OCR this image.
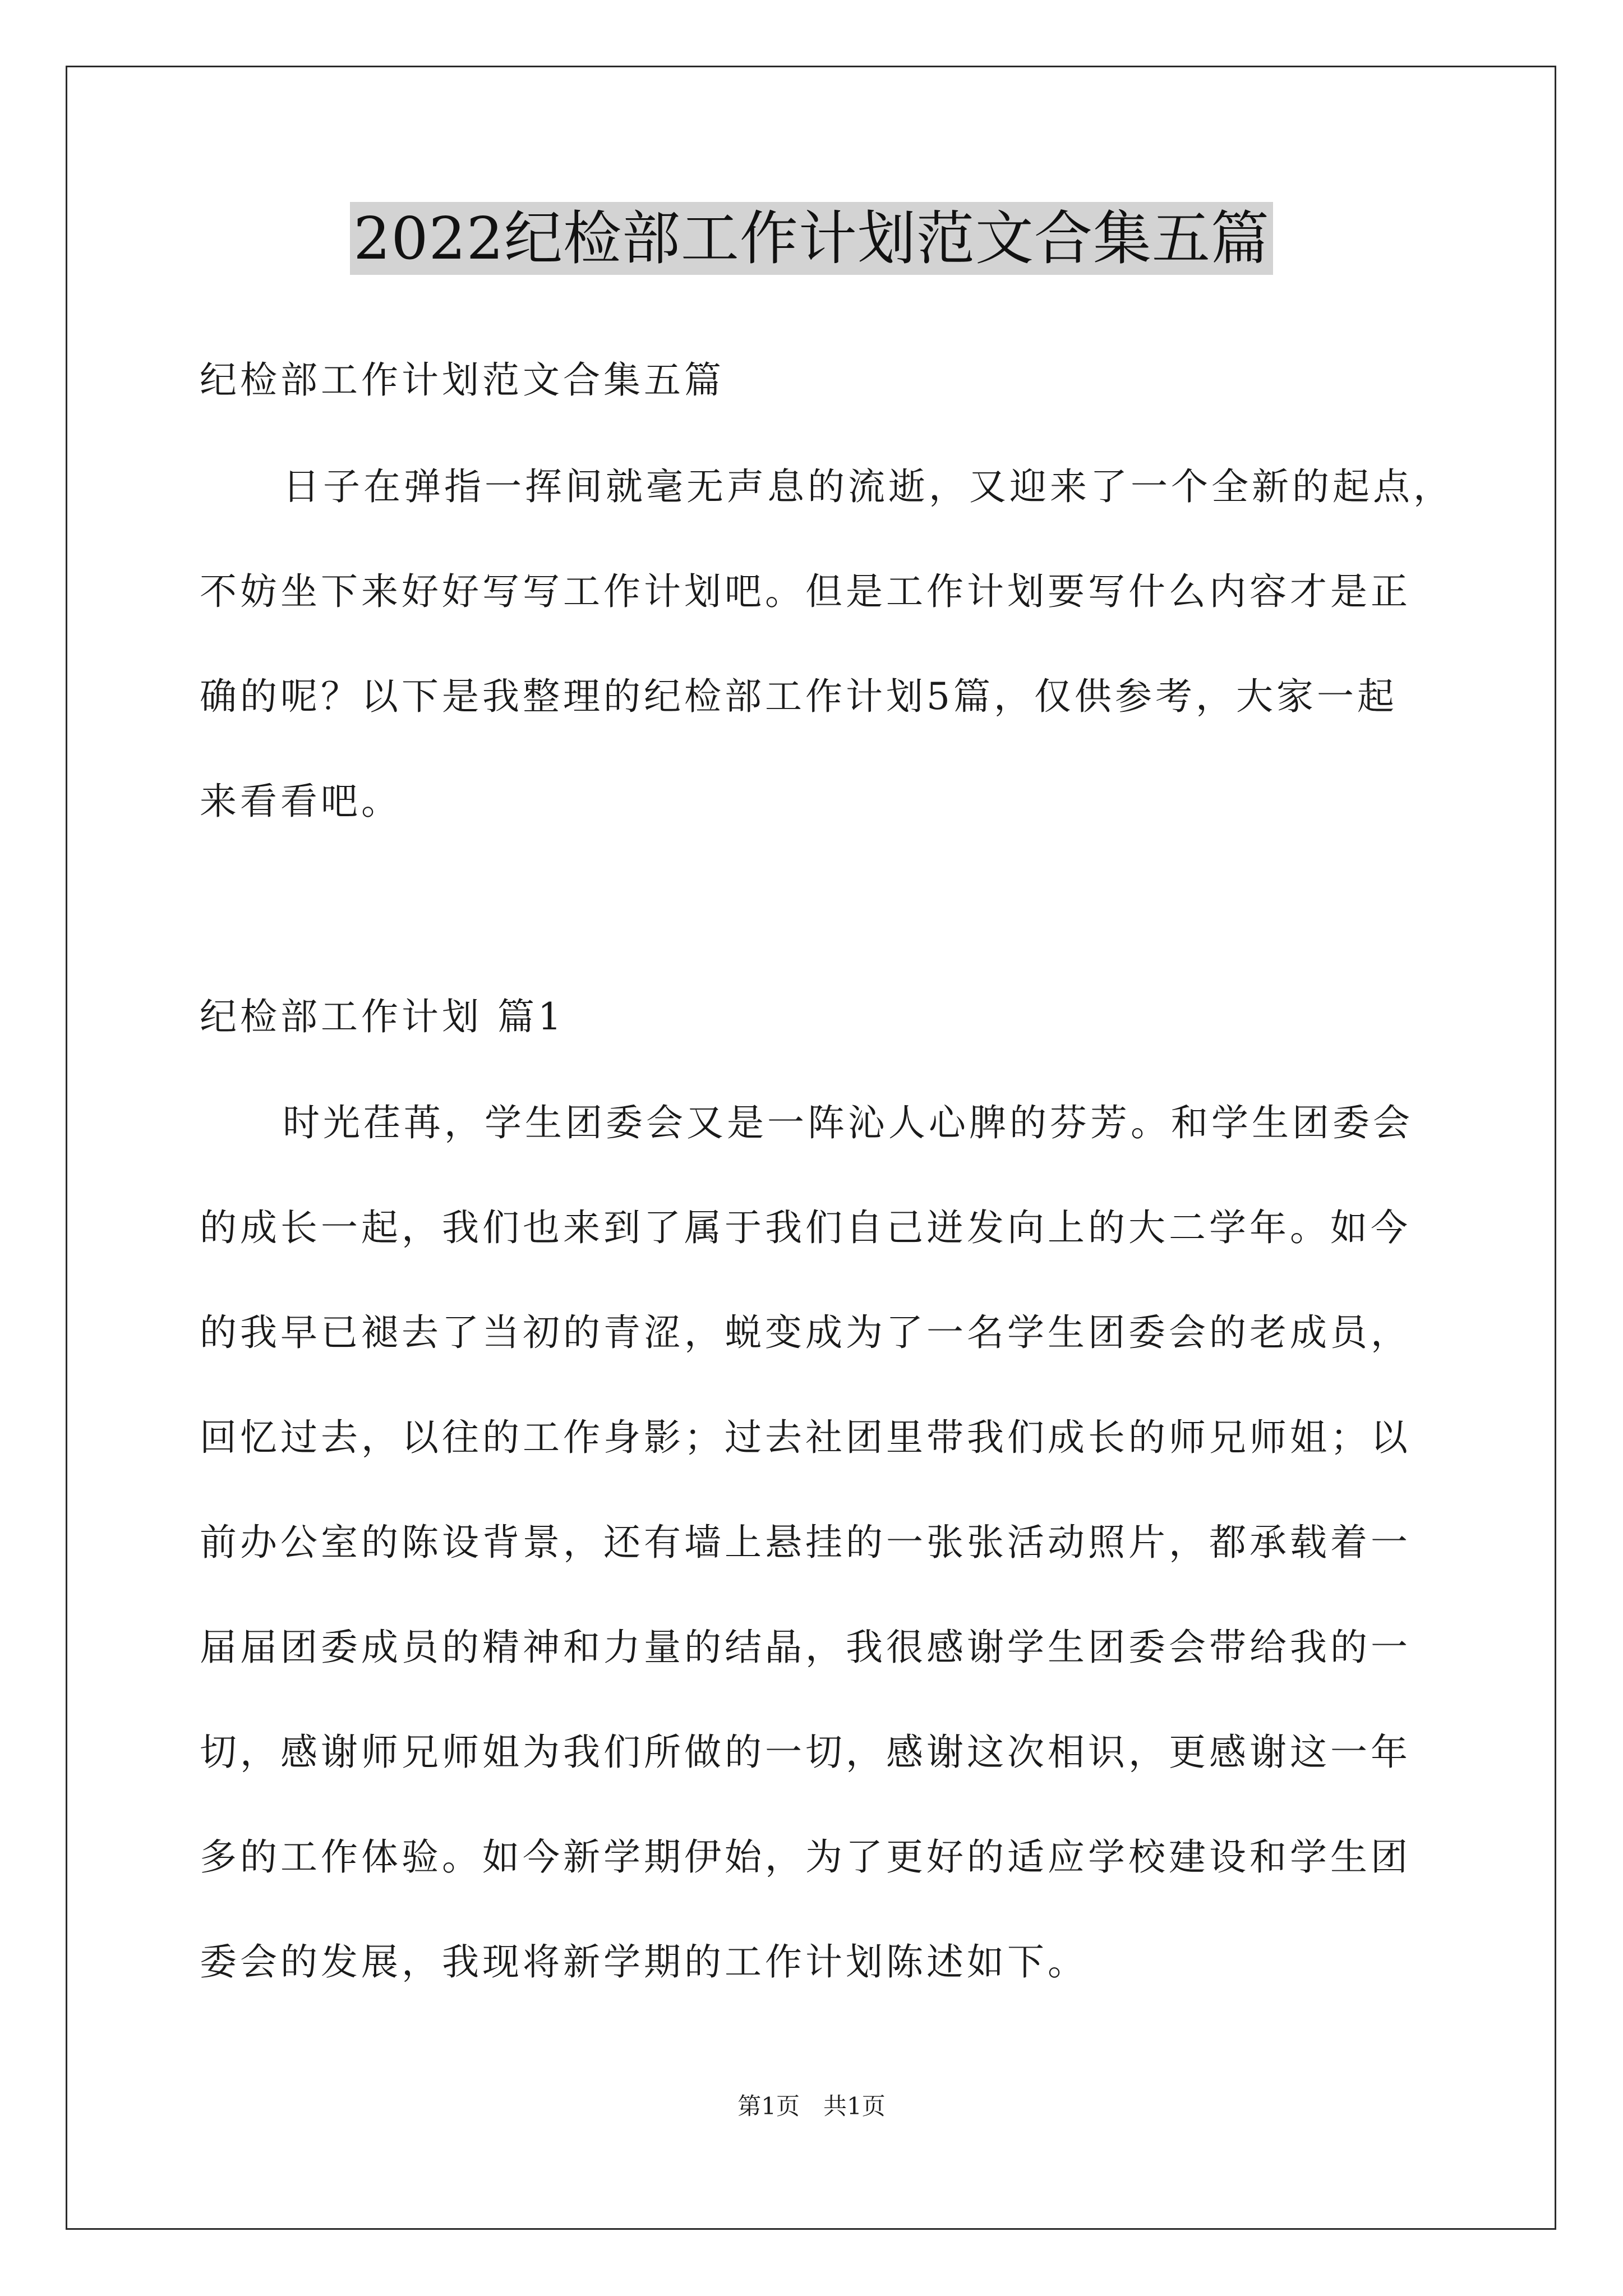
2022纪检部工作计划范文合集五篇
纪检部工作计划范文合集五篇
日子在弹指一挥间就毫无声息的流逝，又迎来了一个全新的起点，
不妨坐下来好好写写工作计划吧。但是工作计划要写什么内容才是正
确的呢？以下是我整理的纪检部工作计划5篇，仅供参考，大家一起
来看看吧。
纪检部工作计划 篇1
时光荏苒，学生团委会又是一阵沁人心脾的芬芳。和学生团委会
的成长一起，我们也来到了属于我们自己迸发向上的大二学年。如今
的我早已褪去了当初的青涩，蜕变成为了一名学生团委会的老成员，
回忆过去，以往的工作身影；过去社团里带我们成长的师兄师姐；以
前办公室的陈设背景，还有墙上悬挂的一张张活动照片，都承载着一
届届团委成员的精神和力量的结晶，我很感谢学生团委会带给我的一
切，感谢师兄师姐为我们所做的一切，感谢这次相识，更感谢这一年
多的工作体验。如今新学期伊始，为了更好的适应学校建设和学生团
委会的发展，我现将新学期的工作计划陈述如下。
第1页　共1页
